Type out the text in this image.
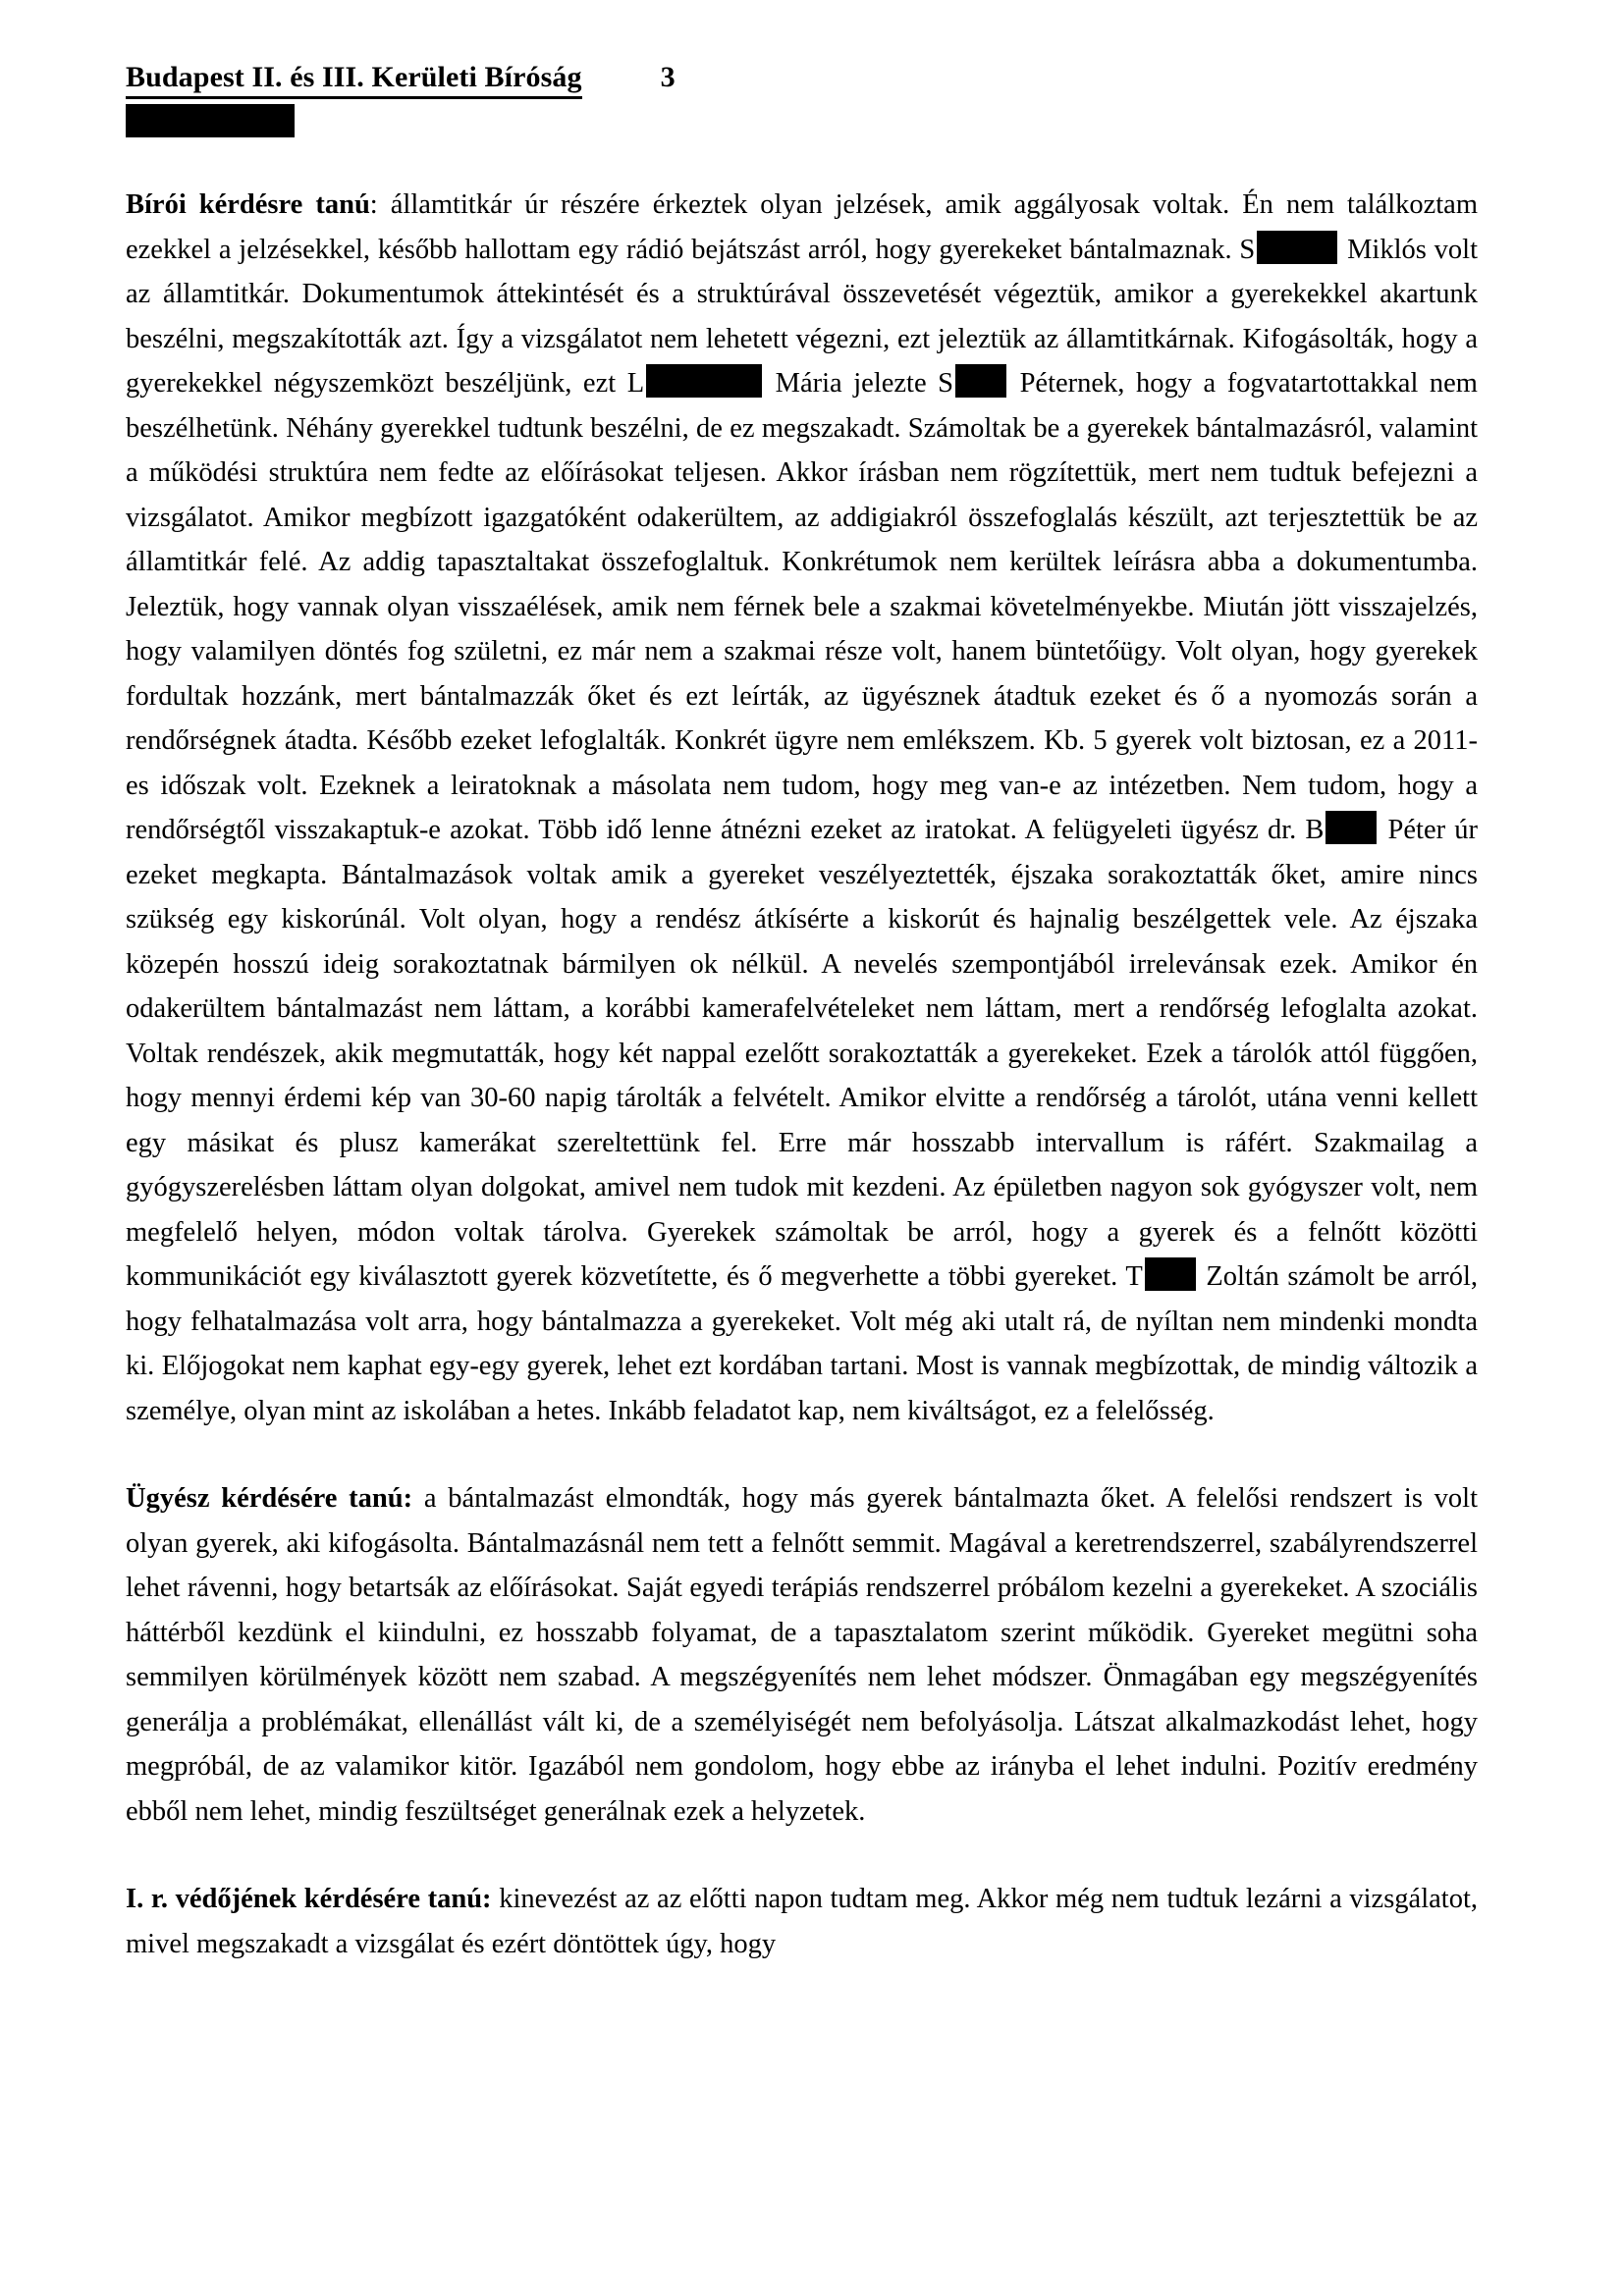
Budapest II. és III. Kerületi Bíróság	3

Bírói kérdésre tanú: államtitkár úr részére érkeztek olyan jelzések, amik aggályosak voltak. Én nem találkoztam ezekkel a jelzésekkel, később hallottam egy rádió bejátszást arról, hogy gyerekeket bántalmaznak. S	Miklós volt az államtitkár. Dokumentumok áttekintését és a struktúrával összevetését végeztük, amikor a gyerekekkel akartunk beszélni, megszakították azt. Így a vizsgálatot nem lehetett végezni, ezt jeleztük az államtitkárnak. Kifogásolták, hogy a gyerekekkel négyszemközt beszéljünk, ezt L	Mária jelezte S Péternek, hogy a fogvatartottakkal nem beszélhetünk. Néhány gyerekkel tudtunk beszélni, de ez megszakadt. Számoltak be a gyerekek bántalmazásról, valamint a működési struktúra nem fedte az előírásokat teljesen. Akkor írásban nem rögzítettük, mert nem tudtuk befejezni a vizsgálatot. Amikor megbízott igazgatóként odakerültem, az addigiakról összefoglalás készült, azt terjesztettük be az államtitkár felé. Az addig tapasztaltakat összefoglaltuk. Konkrétumok nem kerültek leírásra abba a dokumentumba. Jeleztük, hogy vannak olyan visszaélések, amik nem férnek bele a szakmai követelményekbe. Miután jött visszajelzés, hogy valamilyen döntés fog születni, ez már nem a szakmai része volt, hanem büntetőügy. Volt olyan, hogy gyerekek fordultak hozzánk, mert bántalmazzák őket és ezt leírták, az ügyésznek átadtuk ezeket és ő a nyomozás során a rendőrségnek átadta. Később ezeket lefoglalták. Konkrét ügyre nem emlékszem. Kb. 5 gyerek volt biztosan, ez a 2011-es időszak volt. Ezeknek a leiratoknak a másolata nem tudom, hogy meg van-e az intézetben. Nem tudom, hogy a rendőrségtől visszakaptuk-e azokat. Több idő lenne átnézni ezeket az iratokat. A felügyeleti ügyész dr. B Péter úr ezeket megkapta. Bántalmazások voltak amik a gyereket veszélyeztették, éjszaka sorakoztatták őket, amire nincs szükség egy kiskorúnál. Volt olyan, hogy a rendész átkísérte a kiskorút és hajnalig beszélgettek vele. Az éjszaka közepén hosszú ideig sorakoztatnak bármilyen ok nélkül. A nevelés szempontjából irrelevánsak ezek. Amikor én odakerültem bántalmazást nem láttam, a korábbi kamerafelvételeket nem láttam, mert a rendőrség lefoglalta azokat. Voltak rendészek, akik megmutatták, hogy két nappal ezelőtt sorakoztatták a gyerekeket. Ezek a tárolók attól függően, hogy mennyi érdemi kép van 30-60 napig tárolták a felvételt. Amikor elvitte a rendőrség a tárolót, utána venni kellett egy másikat és plusz kamerákat szereltettünk fel. Erre már hosszabb intervallum is ráfért. Szakmailag a gyógyszerelésben láttam olyan dolgokat, amivel nem tudok mit kezdeni. Az épületben nagyon sok gyógyszer volt, nem megfelelő helyen, módon voltak tárolva. Gyerekek számoltak be arról, hogy a gyerek és a felnőtt közötti kommunikációt egy kiválasztott gyerek közvetítette, és ő megverhette a többi gyereket. T Zoltán számolt be arról, hogy felhatalmazása volt arra, hogy bántalmazza a gyerekeket. Volt még aki utalt rá, de nyíltan nem mindenki mondta ki. Előjogokat nem kaphat egy-egy gyerek, lehet ezt kordában tartani. Most is vannak megbízottak, de mindig változik a személye, olyan mint az iskolában a hetes. Inkább feladatot kap, nem kiváltságot, ez a felelősség.

Ügyész kérdésére tanú: a bántalmazást elmondták, hogy más gyerek bántalmazta őket. A felelősi rendszert is volt olyan gyerek, aki kifogásolta. Bántalmazásnál nem tett a felnőtt semmit. Magával a keretrendszerrel, szabályrendszerrel lehet rávenni, hogy betartsák az előírásokat. Saját egyedi terápiás rendszerrel próbálom kezelni a gyerekeket. A szociális háttérből kezdünk el kiindulni, ez hosszabb folyamat, de a tapasztalatom szerint működik. Gyereket megütni soha semmilyen körülmények között nem szabad. A megszégyenítés nem lehet módszer. Önmagában egy megszégyenítés generálja a problémákat, ellenállást vált ki, de a személyiségét nem befolyásolja. Látszat alkalmazkodást lehet, hogy megpróbál, de az valamikor kitör. Igazából nem gondolom, hogy ebbe az irányba el lehet indulni. Pozitív eredmény ebből nem lehet, mindig feszültséget generálnak ezek a helyzetek.

I. r. védőjének kérdésére tanú: kinevezést az az előtti napon tudtam meg. Akkor még nem tudtuk lezárni a vizsgálatot, mivel megszakadt a vizsgálat és ezért döntöttek úgy, hogy
